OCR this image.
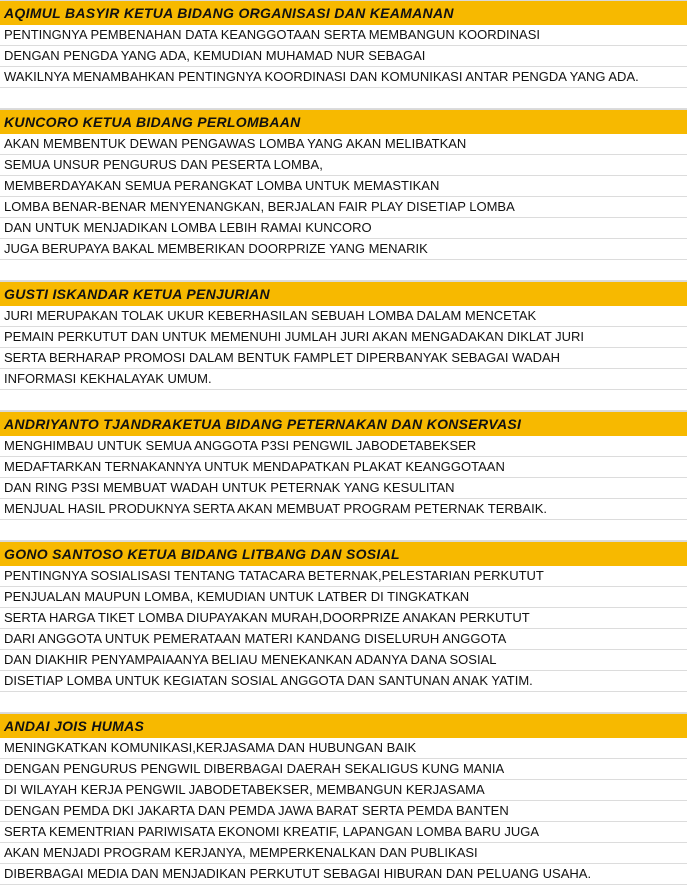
AQIMUL BASYIR KETUA BIDANG ORGANISASI DAN KEAMANAN
PENTINGNYA PEMBENAHAN DATA KEANGGOTAAN SERTA MEMBANGUN KOORDINASI
DENGAN PENGDA YANG ADA, KEMUDIAN MUHAMAD NUR SEBAGAI
WAKILNYA MENAMBAHKAN PENTINGNYA KOORDINASI DAN KOMUNIKASI ANTAR PENGDA YANG ADA.
KUNCORO KETUA BIDANG PERLOMBAAN
AKAN MEMBENTUK DEWAN PENGAWAS LOMBA YANG AKAN MELIBATKAN
SEMUA UNSUR PENGURUS DAN PESERTA LOMBA,
MEMBERDAYAKAN SEMUA PERANGKAT LOMBA UNTUK MEMASTIKAN
LOMBA BENAR-BENAR MENYENANGKAN, BERJALAN FAIR PLAY DISETIAP LOMBA
DAN UNTUK MENJADIKAN LOMBA LEBIH RAMAI KUNCORO
JUGA BERUPAYA BAKAL MEMBERIKAN DOORPRIZE YANG MENARIK
GUSTI ISKANDAR KETUA PENJURIAN
JURI MERUPAKAN TOLAK UKUR KEBERHASILAN SEBUAH LOMBA DALAM MENCETAK
PEMAIN PERKUTUT DAN UNTUK MEMENUHI JUMLAH JURI AKAN MENGADAKAN DIKLAT JURI
SERTA BERHARAP PROMOSI DALAM BENTUK FAMPLET DIPERBANYAK SEBAGAI WADAH
INFORMASI KEKHALAYAK UMUM.
ANDRIYANTO TJANDRAKETUA BIDANG PETERNAKAN DAN KONSERVASI
MENGHIMBAU UNTUK SEMUA ANGGOTA P3SI PENGWIL JABODETABEKSER
MEDAFTARKAN TERNAKANNYA UNTUK MENDAPATKAN PLAKAT KEANGGOTAAN
DAN RING P3SI MEMBUAT WADAH UNTUK PETERNAK YANG KESULITAN
MENJUAL HASIL PRODUKNYA SERTA AKAN MEMBUAT PROGRAM PETERNAK TERBAIK.
GONO SANTOSO KETUA BIDANG LITBANG DAN SOSIAL
PENTINGNYA SOSIALISASI TENTANG TATACARA BETERNAK,PELESTARIAN PERKUTUT
PENJUALAN MAUPUN LOMBA, KEMUDIAN UNTUK LATBER DI TINGKATKAN
SERTA HARGA TIKET LOMBA DIUPAYAKAN MURAH,DOORPRIZE ANAKAN PERKUTUT
DARI ANGGOTA UNTUK PEMERATAAN MATERI KANDANG DISELURUH ANGGOTA
DAN DIAKHIR PENYAMPAIAANYA BELIAU MENEKANKAN ADANYA DANA SOSIAL
DISETIAP LOMBA UNTUK KEGIATAN SOSIAL ANGGOTA DAN SANTUNAN ANAK YATIM.
ANDAI JOIS HUMAS
MENINGKATKAN KOMUNIKASI,KERJASAMA DAN HUBUNGAN BAIK
DENGAN PENGURUS PENGWIL DIBERBAGAI DAERAH SEKALIGUS KUNG MANIA
DI WILAYAH KERJA PENGWIL JABODETABEKSER, MEMBANGUN KERJASAMA
DENGAN PEMDA DKI JAKARTA DAN PEMDA JAWA BARAT SERTA PEMDA BANTEN
SERTA KEMENTRIAN PARIWISATA EKONOMI KREATIF, LAPANGAN LOMBA BARU JUGA
AKAN MENJADI PROGRAM KERJANYA, MEMPERKENALKAN DAN PUBLIKASI
DIBERBAGAI MEDIA DAN MENJADIKAN PERKUTUT SEBAGAI HIBURAN DAN PELUANG USAHA.
